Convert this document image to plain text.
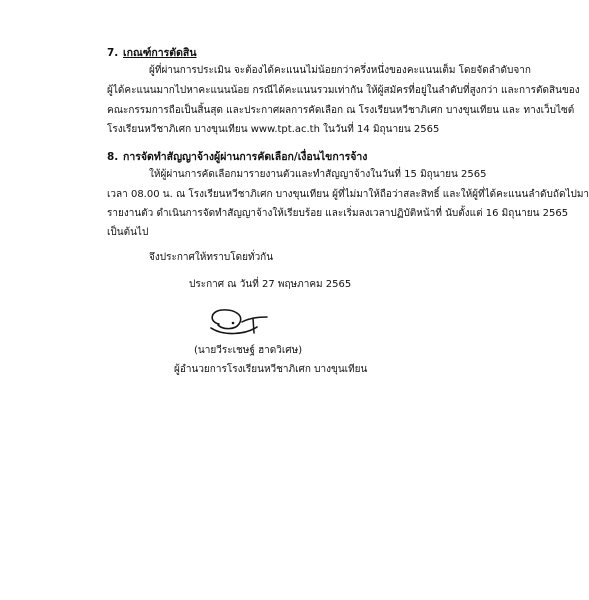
7. เกณฑ์การตัดสิน
ผู้ที่ผ่านการประเมิน จะต้องได้คะแนนไม่น้อยกว่าครึ่งหนึ่งของคะแนนเต็ม โดยจัดลำดับจาก
ผู้ได้คะแนนมากไปหาคะแนนน้อย กรณีได้คะแนนรวมเท่ากัน ให้ผู้สมัครที่อยู่ในลำดับที่สูงกว่า และการตัดสินของ
คณะกรรมการถือเป็นสิ้นสุด และประกาศผลการคัดเลือก ณ โรงเรียนหวีชาภิเศก บางขุนเทียน และ ทางเว็บไซต์
โรงเรียนหวีชาภิเศก บางขุนเทียน www.tpt.ac.th ในวันที่ 14 มิถุนายน 2565
8. การจัดทำสัญญาจ้างผู้ผ่านการคัดเลือก/เงื่อนไขการจ้าง
ให้ผู้ผ่านการคัดเลือกมารายงานตัวและทำสัญญาจ้างในวันที่ 15 มิถุนายน 2565
เวลา 08.00 น. ณ โรงเรียนหวีชาภิเศก บางขุนเทียน ผู้ที่ไม่มาให้ถือว่าสละสิทธิ์ และให้ผู้ที่ได้คะแนนลำดับถัดไปมา
รายงานตัว ดำเนินการจัดทำสัญญาจ้างให้เรียบร้อย และเริ่มลงเวลาปฏิบัติหน้าที่ นับตั้งแต่ 16 มิถุนายน 2565
เป็นต้นไป
จึงประกาศให้ทราบโดยทั่วกัน
ประกาศ ณ วันที่ 27 พฤษภาคม 2565
(นายวีระเชษฐ์ ฮาดวิเศษ)
ผู้อำนวยการโรงเรียนหวีชาภิเศก บางขุนเทียน
